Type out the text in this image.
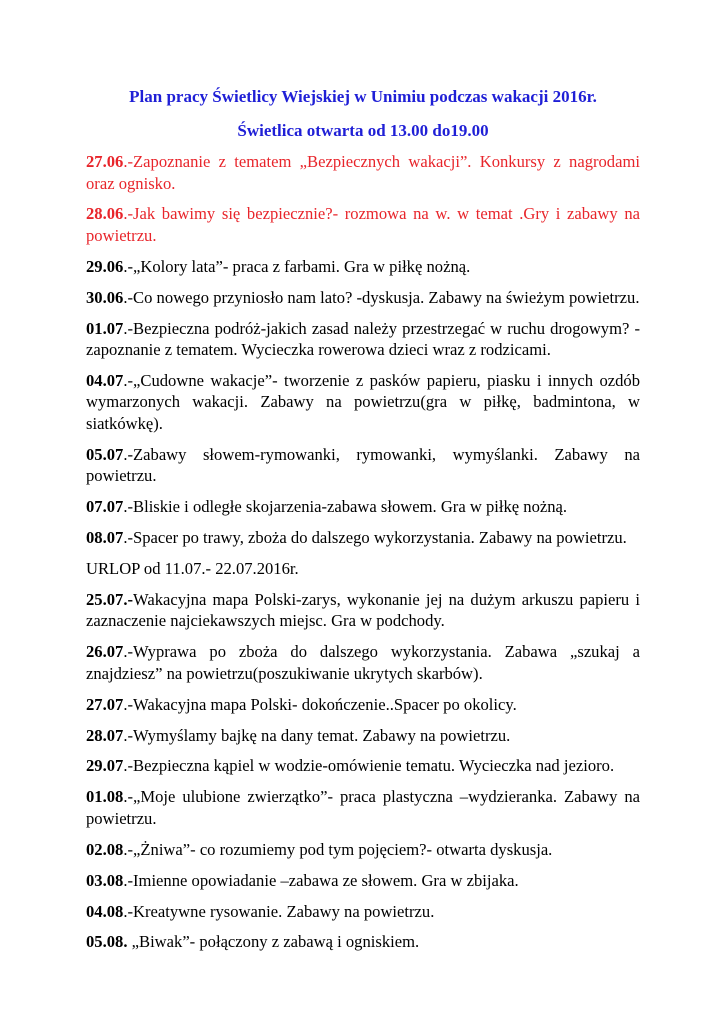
Plan pracy Świetlicy Wiejskiej w Unimiu podczas wakacji 2016r.
Świetlica otwarta od 13.00 do19.00

27.06.-Zapoznanie z tematem „Bezpiecznych wakacji”. Konkursy z nagrodami oraz ognisko.

28.06.-Jak bawimy się bezpiecznie?- rozmowa na w. w temat .Gry i zabawy na powietrzu.

29.06.-„Kolory lata”- praca z farbami. Gra w piłkę nożną.

30.06.-Co nowego przyniosło nam lato? -dyskusja. Zabawy na świeżym powietrzu.

01.07.-Bezpieczna podróż-jakich zasad należy przestrzegać w ruchu drogowym? -zapoznanie z tematem. Wycieczka rowerowa dzieci wraz z rodzicami.

04.07.-„Cudowne wakacje”- tworzenie z pasków papieru, piasku i innych ozdób wymarzonych wakacji. Zabawy na powietrzu(gra w piłkę, badmintona, w siatkówkę).

05.07.-Zabawy słowem-rymowanki, rymowanki, wymyślanki. Zabawy na powietrzu.

07.07.-Bliskie i odległe skojarzenia-zabawa słowem. Gra w piłkę nożną.

08.07.-Spacer po trawy, zboża do dalszego wykorzystania. Zabawy na powietrzu.

URLOP od 11.07.- 22.07.2016r.

25.07.-Wakacyjna mapa Polski-zarys, wykonanie jej na dużym arkuszu papieru i zaznaczenie najciekawszych miejsc. Gra w podchody.

26.07.-Wyprawa po zboża do dalszego wykorzystania. Zabawa „szukaj a znajdziesz” na powietrzu(poszukiwanie ukrytych skarbów).

27.07.-Wakacyjna mapa Polski- dokończenie..Spacer po okolicy.

28.07.-Wymyślamy bajkę na dany temat. Zabawy na powietrzu.

29.07.-Bezpieczna kąpiel w wodzie-omówienie tematu. Wycieczka nad jezioro.

01.08.-„Moje ulubione zwierzątko”- praca plastyczna –wydzieranka. Zabawy na powietrzu.

02.08.-„Żniwa”- co rozumiemy pod tym pojęciem?- otwarta dyskusja.

03.08.-Imienne opowiadanie –zabawa ze słowem. Gra w zbijaka.

04.08.-Kreatywne rysowanie. Zabawy na powietrzu.

05.08. „Biwak”- połączony z zabawą i ogniskiem.
